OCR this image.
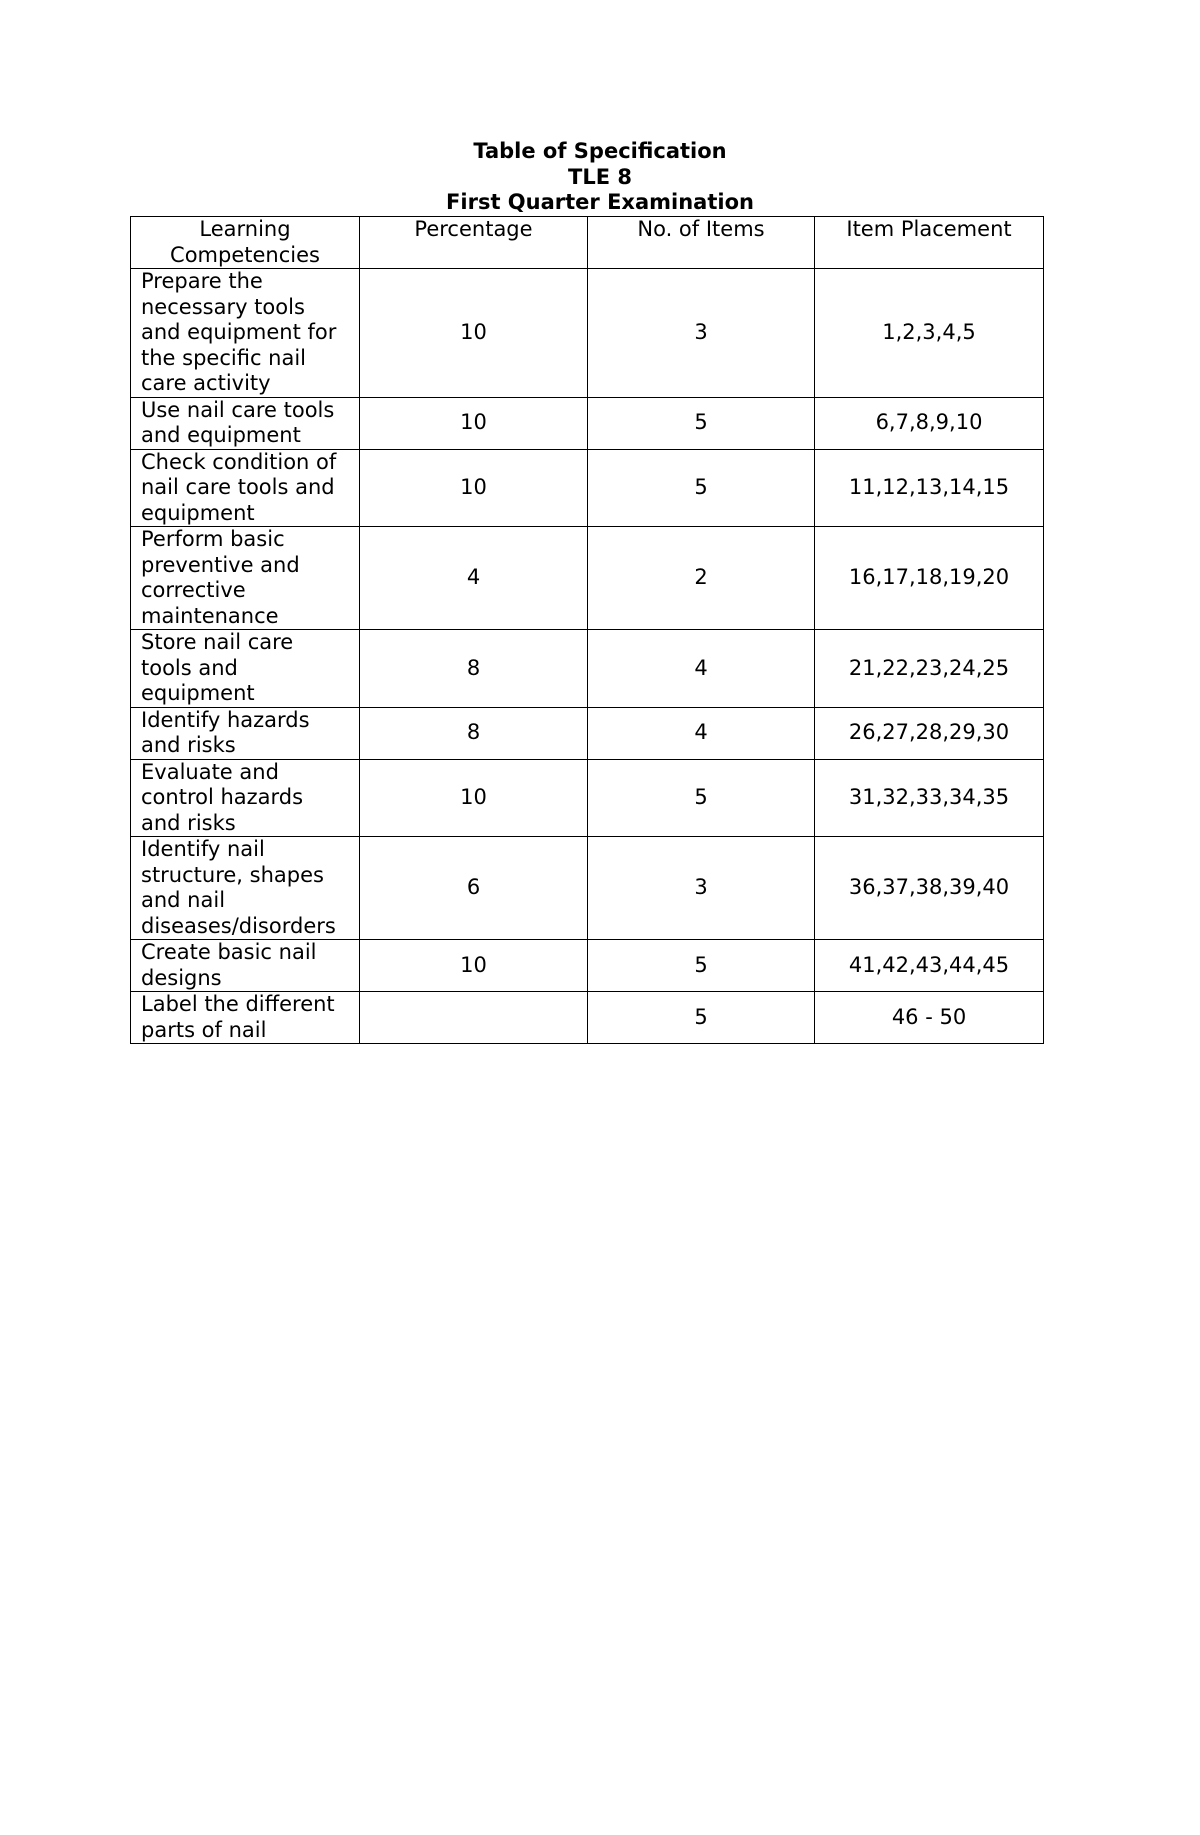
Table of Specification
TLE 8
First Quarter Examination
Learning Competencies	Percentage	No. of Items	Item Placement
Prepare the necessary tools and equipment for the specific nail care activity	10	3	1,2,3,4,5
Use nail care tools and equipment	10	5	6,7,8,9,10
Check condition of nail care tools and equipment	10	5	11,12,13,14,15
Perform basic preventive and corrective maintenance	4	2	16,17,18,19,20
Store nail care tools and equipment	8	4	21,22,23,24,25
Identify hazards and risks	8	4	26,27,28,29,30
Evaluate and control hazards and risks	10	5	31,32,33,34,35
Identify nail structure, shapes and nail diseases/disorders	6	3	36,37,38,39,40
Create basic nail designs	10	5	41,42,43,44,45
Label the different parts of nail		5	46 - 50
